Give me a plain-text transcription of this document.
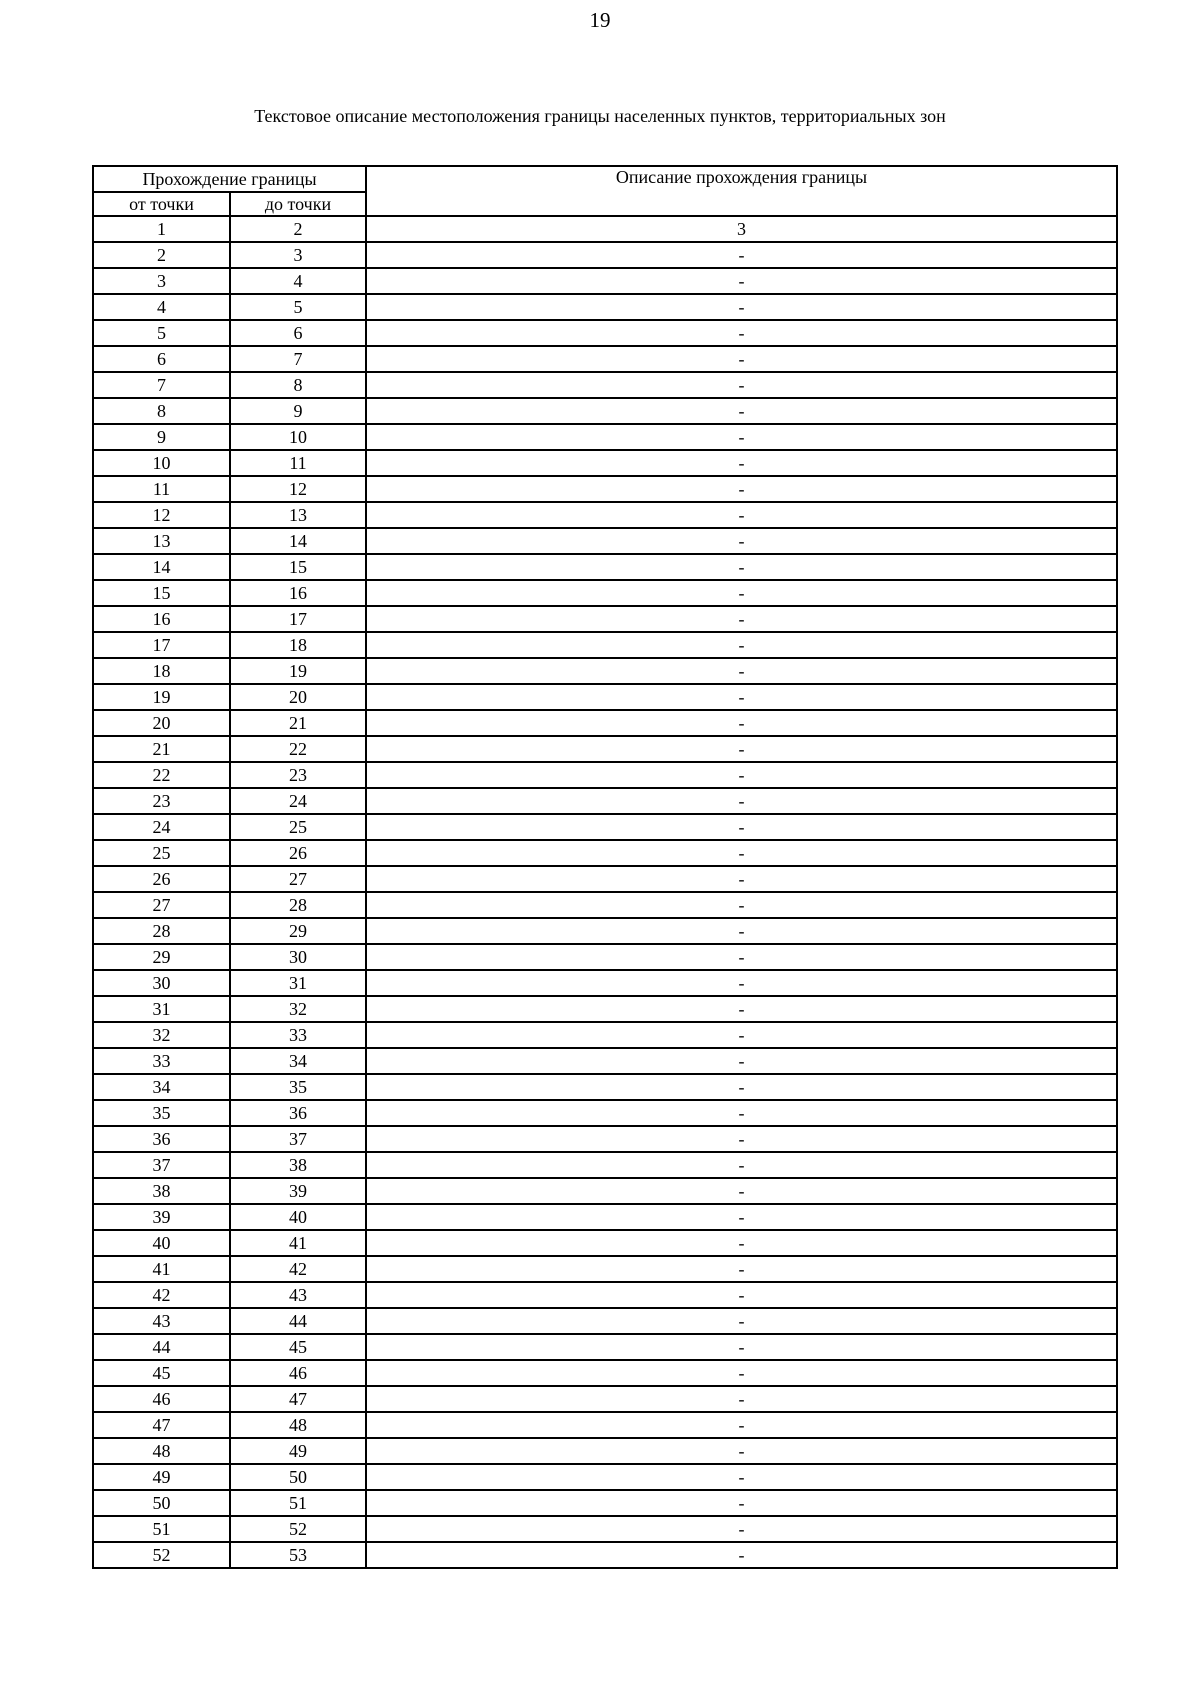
19
Текстовое описание местоположения границы населенных пунктов, территориальных зон
Прохождение границы		Описание прохождения границы
от точки	до точки	
1	2	3
2	3	-
3	4	-
4	5	-
5	6	-
6	7	-
7	8	-
8	9	-
9	10	-
10	11	-
11	12	-
12	13	-
13	14	-
14	15	-
15	16	-
16	17	-
17	18	-
18	19	-
19	20	-
20	21	-
21	22	-
22	23	-
23	24	-
24	25	-
25	26	-
26	27	-
27	28	-
28	29	-
29	30	-
30	31	-
31	32	-
32	33	-
33	34	-
34	35	-
35	36	-
36	37	-
37	38	-
38	39	-
39	40	-
40	41	-
41	42	-
42	43	-
43	44	-
44	45	-
45	46	-
46	47	-
47	48	-
48	49	-
49	50	-
50	51	-
51	52	-
52	53	-
